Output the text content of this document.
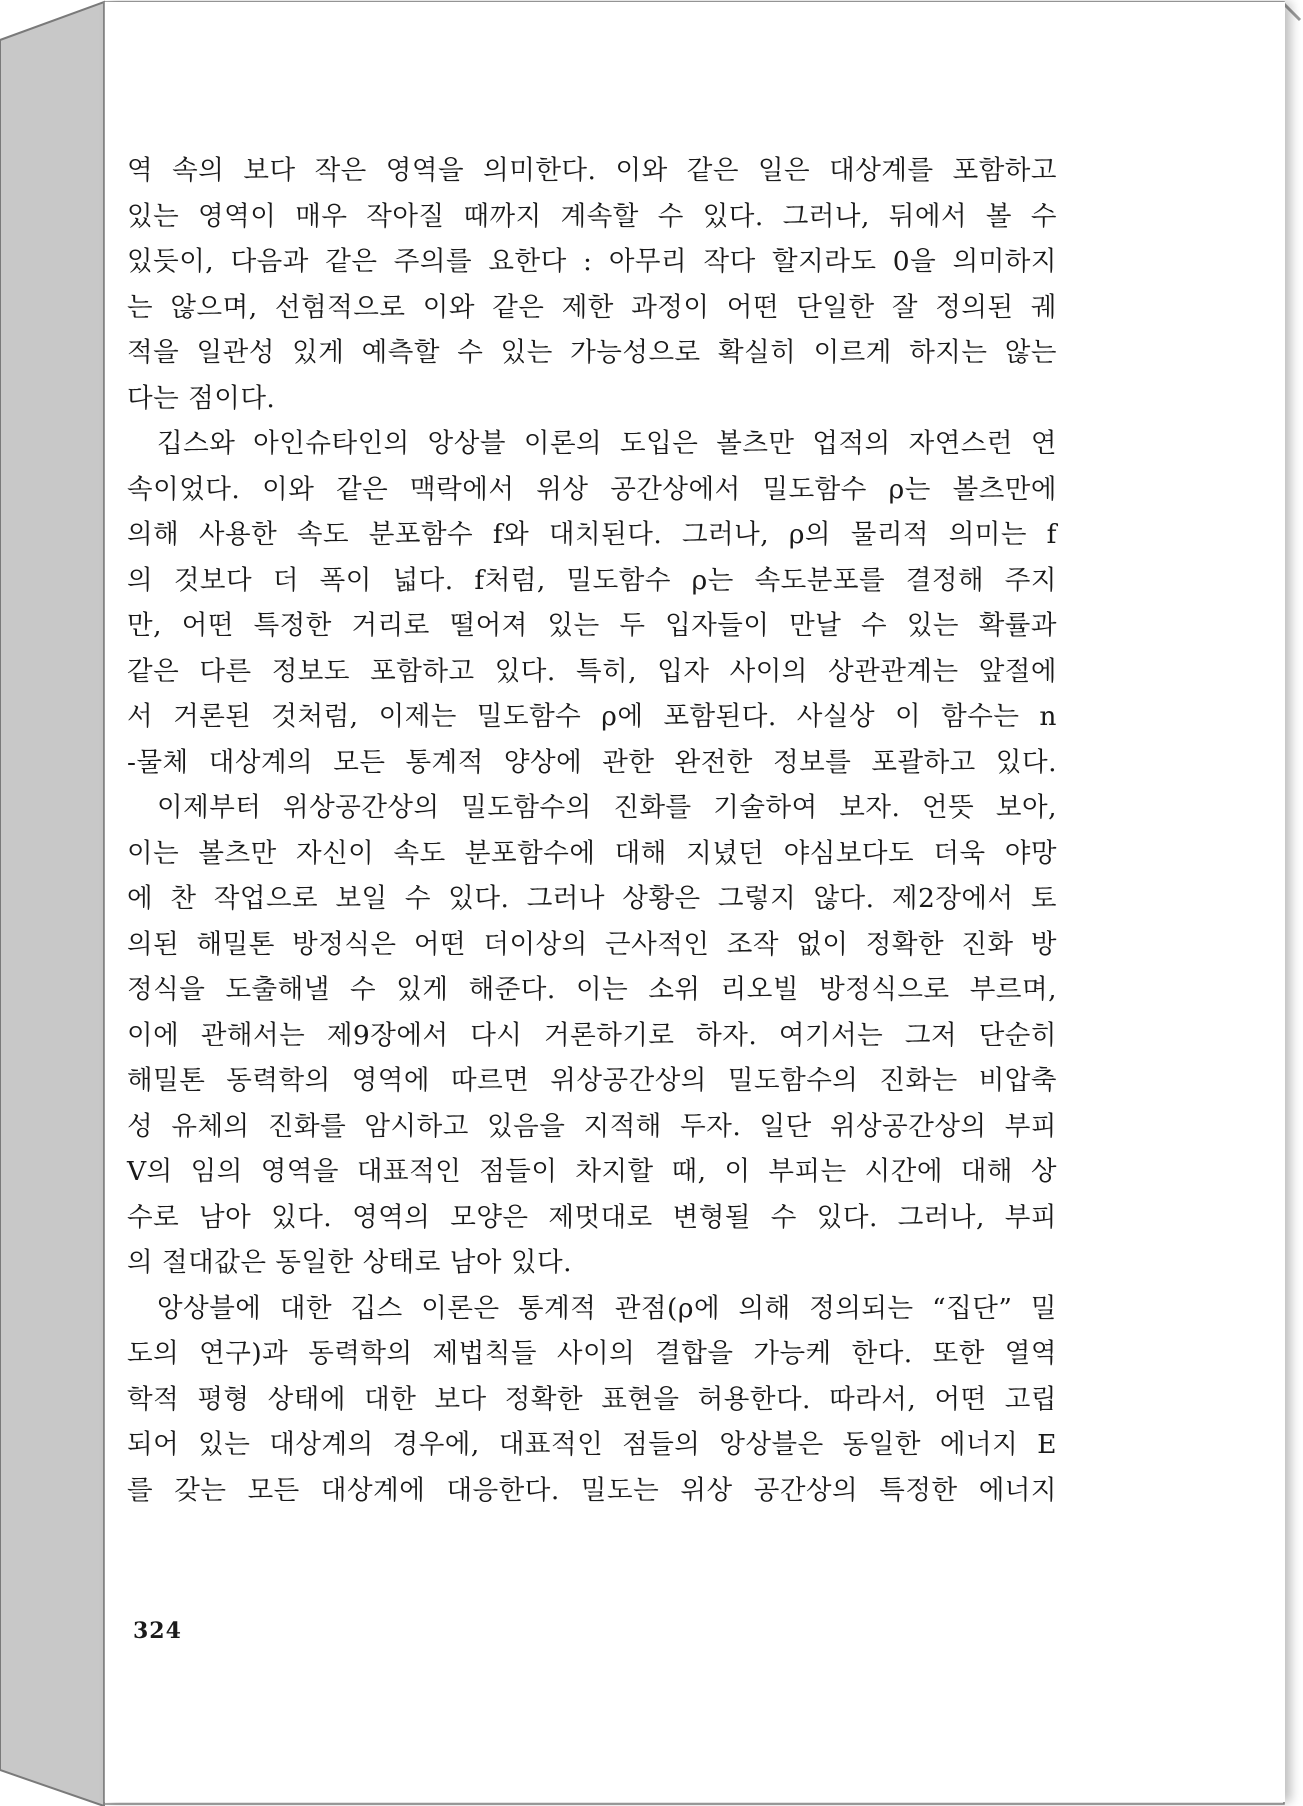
역 속의 보다 작은 영역을 의미한다. 이와 같은 일은 대상계를 포함하고
있는 영역이 매우 작아질 때까지 계속할 수 있다. 그러나, 뒤에서 볼 수
있듯이, 다음과 같은 주의를 요한다 : 아무리 작다 할지라도 0을 의미하지
는 않으며, 선험적으로 이와 같은 제한 과정이 어떤 단일한 잘 정의된 궤
적을 일관성 있게 예측할 수 있는 가능성으로 확실히 이르게 하지는 않는
다는 점이다.
깁스와 아인슈타인의 앙상블 이론의 도입은 볼츠만 업적의 자연스런 연
속이었다. 이와 같은 맥락에서 위상 공간상에서 밀도함수 ρ는 볼츠만에
의해 사용한 속도 분포함수 f와 대치된다. 그러나, ρ의 물리적 의미는 f
의 것보다 더 폭이 넓다. f처럼, 밀도함수 ρ는 속도분포를 결정해 주지
만, 어떤 특정한 거리로 떨어져 있는 두 입자들이 만날 수 있는 확률과
같은 다른 정보도 포함하고 있다. 특히, 입자 사이의 상관관계는 앞절에
서 거론된 것처럼, 이제는 밀도함수 ρ에 포함된다. 사실상 이 함수는 n
-물체 대상계의 모든 통계적 양상에 관한 완전한 정보를 포괄하고 있다.
이제부터 위상공간상의 밀도함수의 진화를 기술하여 보자. 언뜻 보아,
이는 볼츠만 자신이 속도 분포함수에 대해 지녔던 야심보다도 더욱 야망
에 찬 작업으로 보일 수 있다. 그러나 상황은 그렇지 않다. 제2장에서 토
의된 해밀톤 방정식은 어떤 더이상의 근사적인 조작 없이 정확한 진화 방
정식을 도출해낼 수 있게 해준다. 이는 소위 리오빌 방정식으로 부르며,
이에 관해서는 제9장에서 다시 거론하기로 하자. 여기서는 그저 단순히
해밀톤 동력학의 영역에 따르면 위상공간상의 밀도함수의 진화는 비압축
성 유체의 진화를 암시하고 있음을 지적해 두자. 일단 위상공간상의 부피
V의 임의 영역을 대표적인 점들이 차지할 때, 이 부피는 시간에 대해 상
수로 남아 있다. 영역의 모양은 제멋대로 변형될 수 있다. 그러나, 부피
의 절대값은 동일한 상태로 남아 있다.
앙상블에 대한 깁스 이론은 통계적 관점(ρ에 의해 정의되는 “집단” 밀
도의 연구)과 동력학의 제법칙들 사이의 결합을 가능케 한다. 또한 열역
학적 평형 상태에 대한 보다 정확한 표현을 허용한다. 따라서, 어떤 고립
되어 있는 대상계의 경우에, 대표적인 점들의 앙상블은 동일한 에너지 E
를 갖는 모든 대상계에 대응한다. 밀도는 위상 공간상의 특정한 에너지
324
